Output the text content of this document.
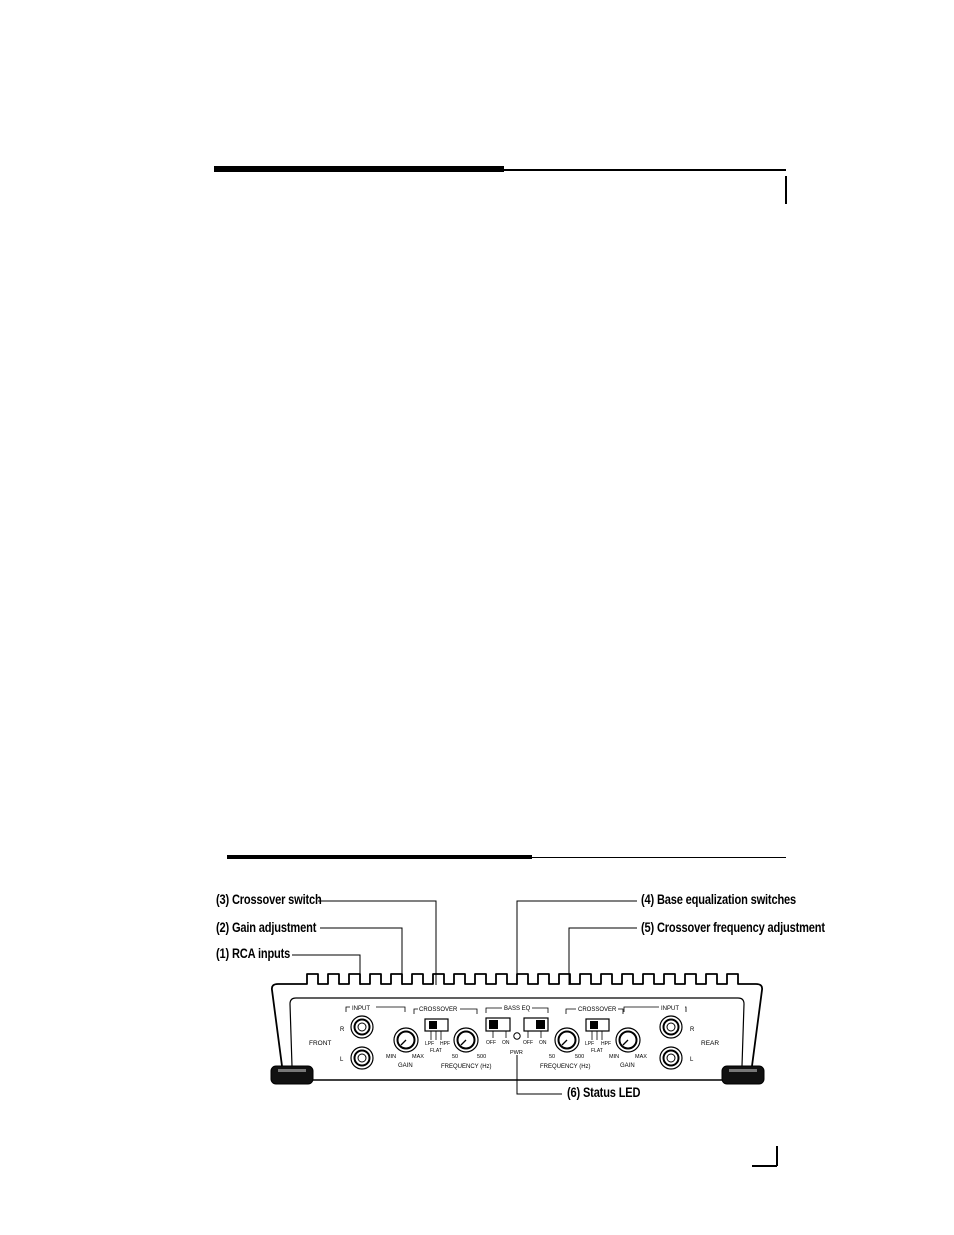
(3) Crossover switch
(2) Gain adjustment
(1) RCA inputs
(4) Base equalization switches
(5) Crossover frequency adjustment
(6) Status LED
FRONT
R
L
INPUT
MIN	MAX
GAIN
CROSSOVER
LPF HPF
FLAT
50	500
FREQUENCY (Hz)
BASS EQ
OFF ON	OFF ON
PWR
CROSSOVER
50	500
FREQUENCY (Hz)
LPF HPF
FLAT
INPUT
MIN	MAX
GAIN
R
L
REAR
